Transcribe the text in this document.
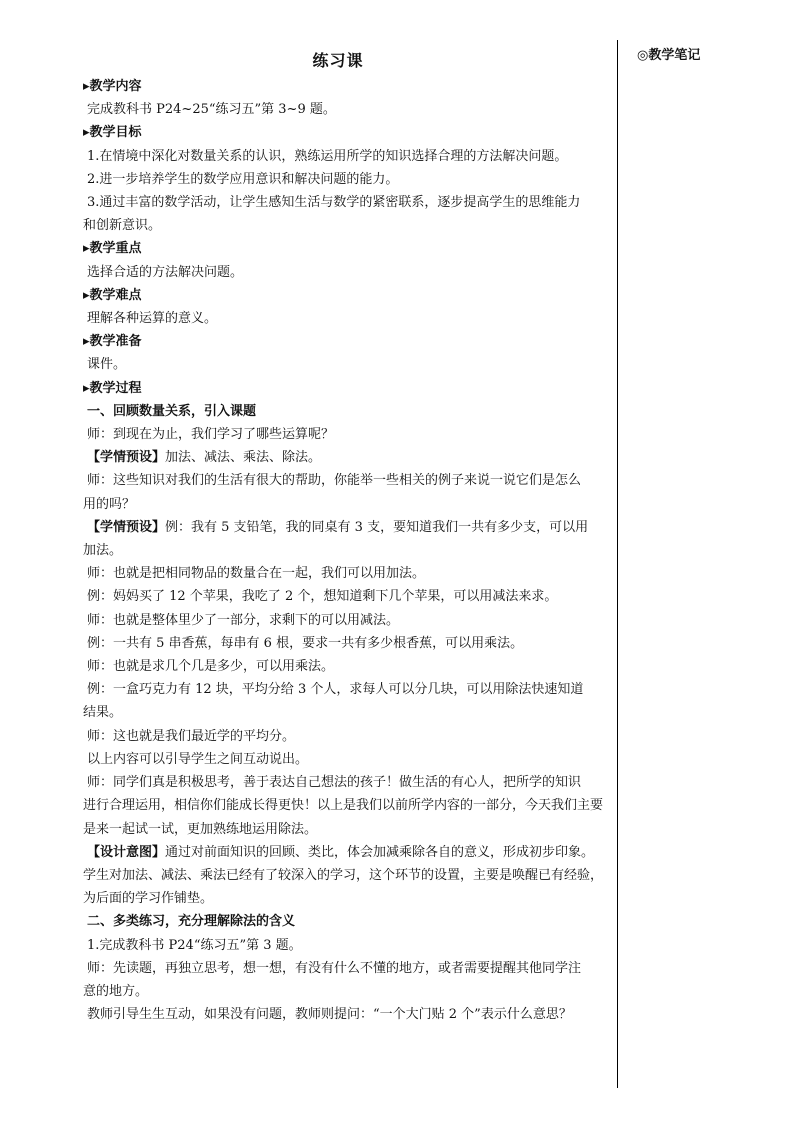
练习课
▸教学内容
完成教科书 P24~25“练习五”第 3~9 题。
▸教学目标
1.在情境中深化对数量关系的认识，熟练运用所学的知识选择合理的方法解决问题。
2.进一步培养学生的数学应用意识和解决问题的能力。
3.通过丰富的数学活动，让学生感知生活与数学的紧密联系，逐步提高学生的思维能力
和创新意识。
▸教学重点
选择合适的方法解决问题。
▸教学难点
理解各种运算的意义。
▸教学准备
课件。
▸教学过程
一、回顾数量关系，引入课题
师：到现在为止，我们学习了哪些运算呢？
【学情预设】加法、减法、乘法、除法。
师：这些知识对我们的生活有很大的帮助，你能举一些相关的例子来说一说它们是怎么
用的吗？
【学情预设】例：我有 5 支铅笔，我的同桌有 3 支，要知道我们一共有多少支，可以用
加法。
师：也就是把相同物品的数量合在一起，我们可以用加法。
例：妈妈买了 12 个苹果，我吃了 2 个，想知道剩下几个苹果，可以用减法来求。
师：也就是整体里少了一部分，求剩下的可以用减法。
例：一共有 5 串香蕉，每串有 6 根，要求一共有多少根香蕉，可以用乘法。
师：也就是求几个几是多少，可以用乘法。
例：一盒巧克力有 12 块，平均分给 3 个人，求每人可以分几块，可以用除法快速知道
结果。
师：这也就是我们最近学的平均分。
以上内容可以引导学生之间互动说出。
师：同学们真是积极思考，善于表达自己想法的孩子！做生活的有心人，把所学的知识
进行合理运用，相信你们能成长得更快！以上是我们以前所学内容的一部分，今天我们主要
是来一起试一试，更加熟练地运用除法。
【设计意图】通过对前面知识的回顾、类比，体会加减乘除各自的意义，形成初步印象。
学生对加法、减法、乘法已经有了较深入的学习，这个环节的设置，主要是唤醒已有经验，
为后面的学习作铺垫。
二、多类练习，充分理解除法的含义
1.完成教科书 P24“练习五”第 3 题。
师：先读题，再独立思考，想一想，有没有什么不懂的地方，或者需要提醒其他同学注
意的地方。
教师引导生生互动，如果没有问题，教师则提问：“一个大门贴 2 个”表示什么意思？
◎教学笔记
